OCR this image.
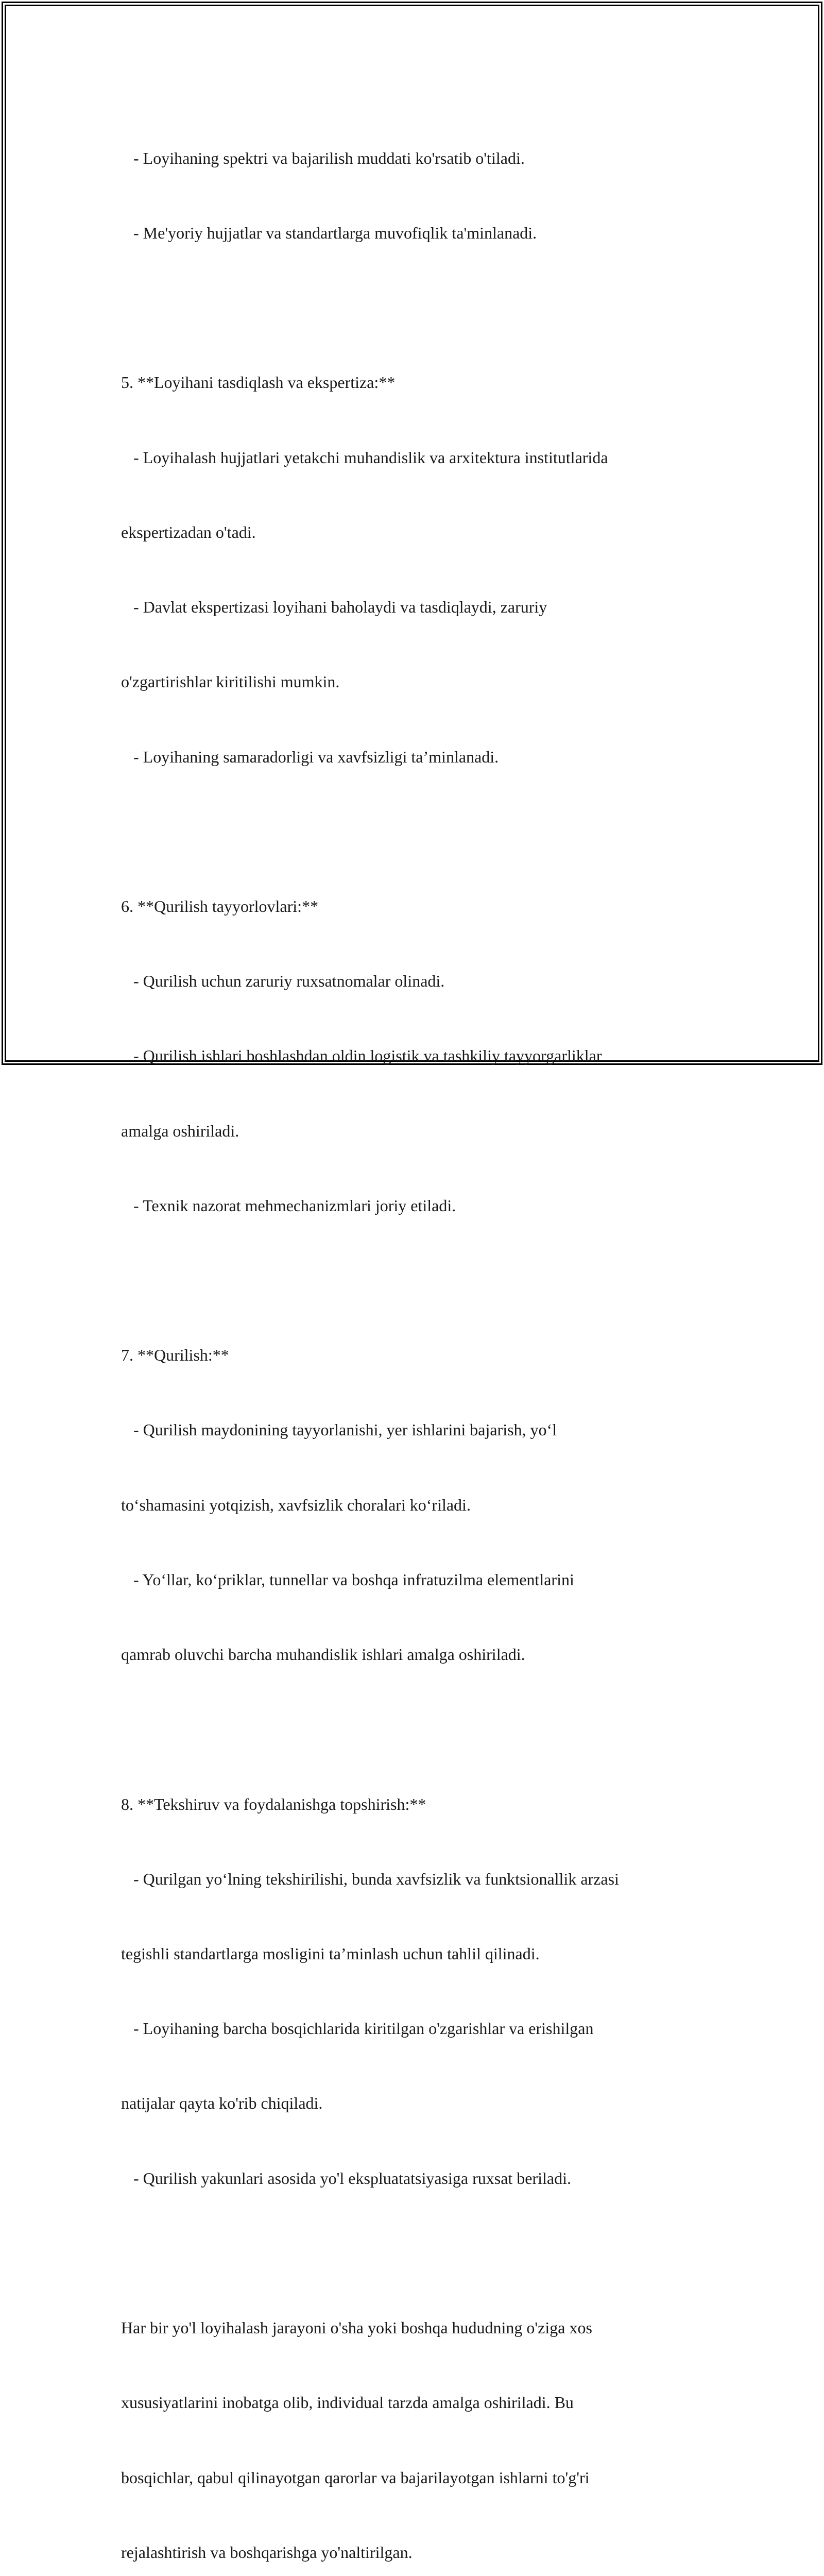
- Loyihaning spektri va bajarilish muddati ko'rsatib o'tiladi.

- Me'yoriy hujjatlar va standartlarga muvofiqlik ta'minlanadi.

5. **Loyihani tasdiqlash va ekspertiza:**

- Loyihalash hujjatlari yetakchi muhandislik va arxitektura institutlarida

ekspertizadan o'tadi.

- Davlat ekspertizasi loyihani baholaydi va tasdiqlaydi, zaruriy

o'zgartirishlar kiritilishi mumkin.

- Loyihaning samaradorligi va xavfsizligi ta’minlanadi.

6. **Qurilish tayyorlovlari:**

- Qurilish uchun zaruriy ruxsatnomalar olinadi.

- Qurilish ishlari boshlashdan oldin logistik va tashkiliy tayyorgarliklar

amalga oshiriladi.

- Texnik nazorat mehmechanizmlari joriy etiladi.

7. **Qurilish:**

- Qurilish maydonining tayyorlanishi, yer ishlarini bajarish, yo‘l

to‘shamasini yotqizish, xavfsizlik choralari ko‘riladi.

- Yo‘llar, ko‘priklar, tunnellar va boshqa infratuzilma elementlarini

qamrab oluvchi barcha muhandislik ishlari amalga oshiriladi.

8. **Tekshiruv va foydalanishga topshirish:**

- Qurilgan yo‘lning tekshirilishi, bunda xavfsizlik va funktsionallik arzasi

tegishli standartlarga mosligini ta’minlash uchun tahlil qilinadi.

- Loyihaning barcha bosqichlarida kiritilgan o'zgarishlar va erishilgan

natijalar qayta ko'rib chiqiladi.

- Qurilish yakunlari asosida yo'l ekspluatatsiyasiga ruxsat beriladi.

Har bir yo'l loyihalash jarayoni o'sha yoki boshqa hududning o'ziga xos

xususiyatlarini inobatga olib, individual tarzda amalga oshiriladi. Bu

bosqichlar, qabul qilinayotgan qarorlar va bajarilayotgan ishlarni to'g'ri

rejalashtirish va boshqarishga yo'naltirilgan.
